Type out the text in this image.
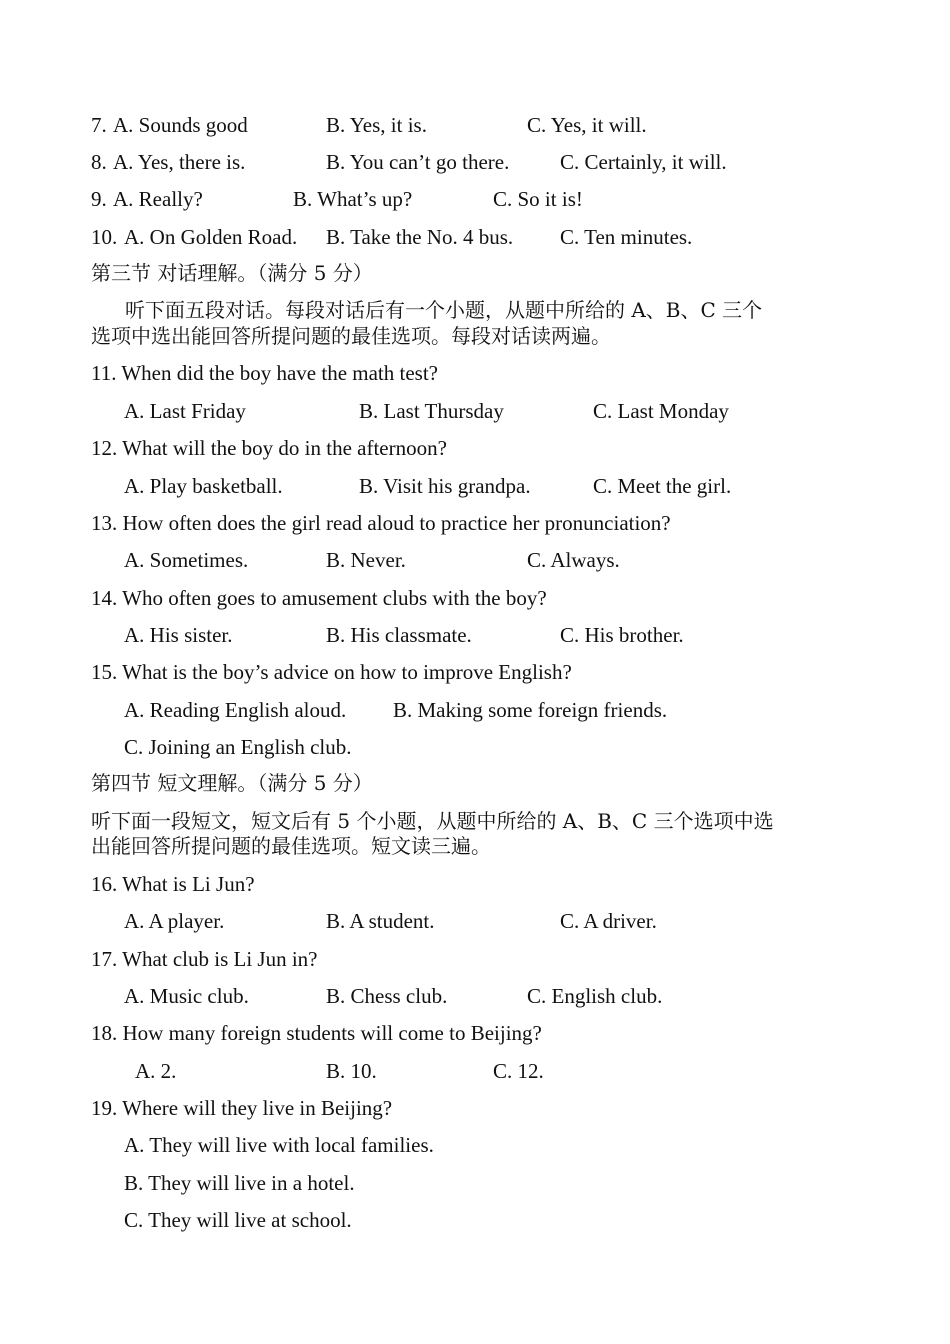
7. A. Sounds good	B. Yes, it is.	C. Yes, it will.
8. A. Yes, there is.	B. You can’t go there. C. Certainly, it will.
9. A. Really?	B. What’s up?	C. So it is!
10. A. On Golden Road. B. Take the No. 4 bus. C. Ten minutes.
第三节 对话理解。（满分 5 分）
听下面五段对话。每段对话后有一个小题，从题中所给的 A、B、C 三个
选项中选出能回答所提问题的最佳选项。每段对话读两遍。
11. When did the boy have the math test?
A. Last Friday	B. Last Thursday	C. Last Monday
12. What will the boy do in the afternoon?
A. Play basketball.	B. Visit his grandpa.	C. Meet the girl.
13. How often does the girl read aloud to practice her pronunciation?
A. Sometimes.	B. Never.	C. Always.
14. Who often goes to amusement clubs with the boy?
A. His sister.	B. His classmate.	C. His brother.
15. What is the boy’s advice on how to improve English?
A. Reading English aloud. B. Making some foreign friends.
C. Joining an English club.
第四节 短文理解。（满分 5 分）
听下面一段短文，短文后有 5 个小题，从题中所给的 A、B、C 三个选项中选
出能回答所提问题的最佳选项。短文读三遍。
16. What is Li Jun?
A. A player.	B. A student.	C. A driver.
17. What club is Li Jun in?
A. Music club.	B. Chess club.	C. English club.
18. How many foreign students will come to Beijing?
A. 2.	B. 10.	C. 12.
19. Where will they live in Beijing?
A. They will live with local families.
B. They will live in a hotel.
C. They will live at school.
